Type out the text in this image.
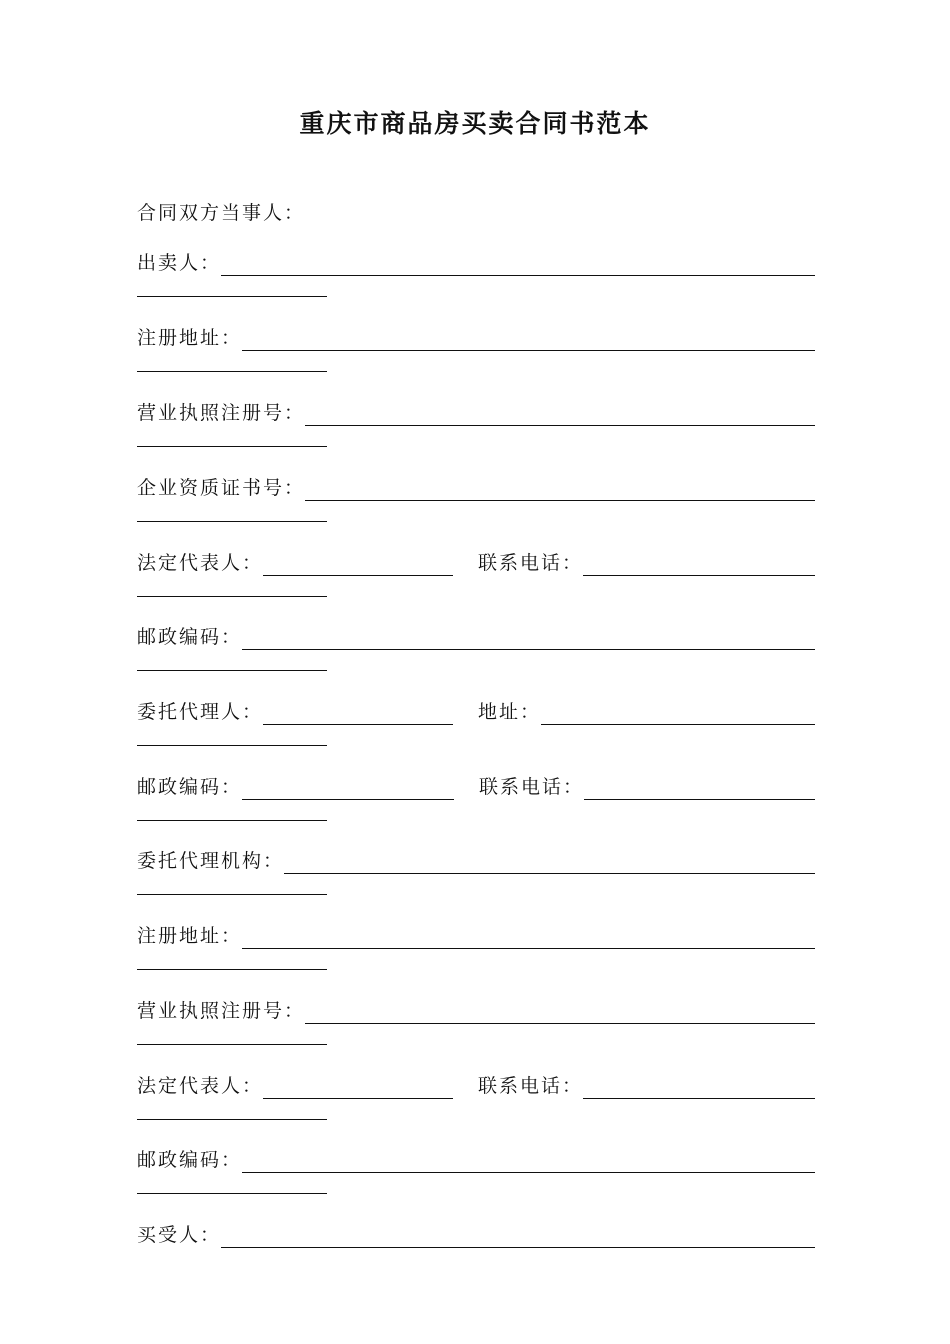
重庆市商品房买卖合同书范本
合同双方当事人：
出卖人：
注册地址：
营业执照注册号：
企业资质证书号：
法定代表人：	联系电话：
邮政编码：
委托代理人：	地址：
邮政编码：	联系电话：
委托代理机构：
注册地址：
营业执照注册号：
法定代表人：	联系电话：
邮政编码：
买受人：
